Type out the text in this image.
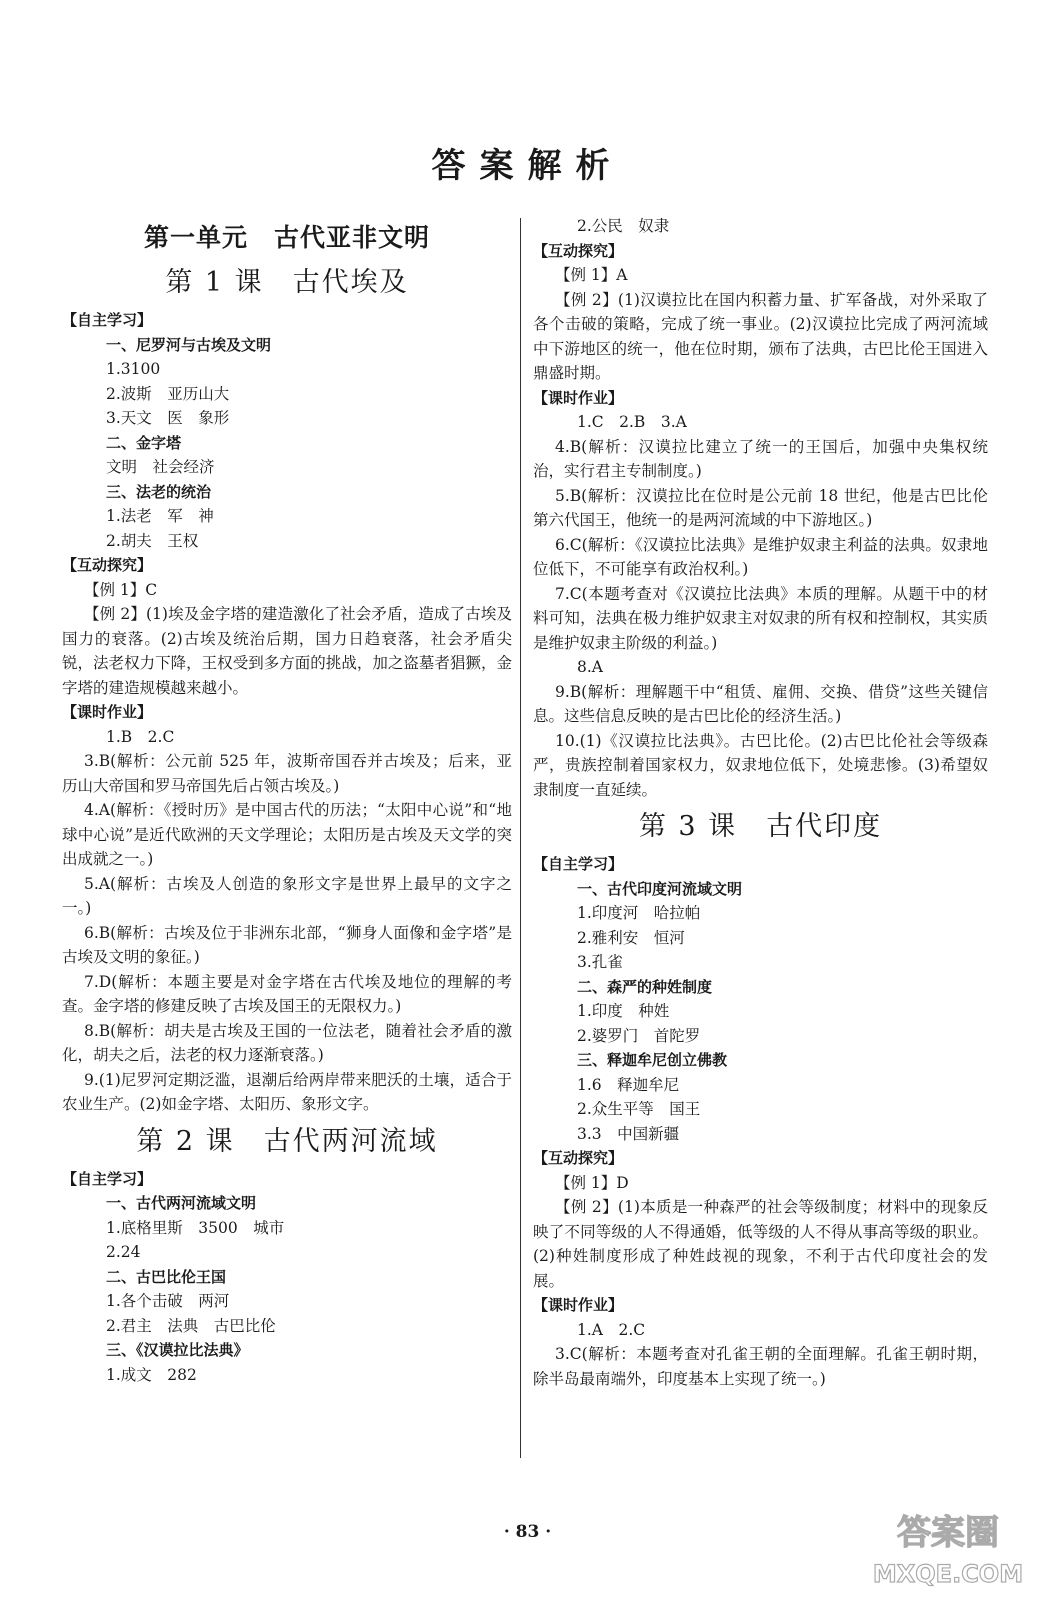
答案解析
第一单元　古代亚非文明
第 1 课　古代埃及
【自主学习】
一、尼罗河与古埃及文明
1.3100
2.波斯　亚历山大
3.天文　医　象形
二、金字塔
文明　社会经济
三、法老的统治
1.法老　军　神
2.胡夫　王权
【互动探究】
【例 1】C
【例 2】(1)埃及金字塔的建造激化了社会矛盾，造成了古埃及国力的衰落。(2)古埃及统治后期，国力日趋衰落，社会矛盾尖锐，法老权力下降，王权受到多方面的挑战，加之盗墓者猖獗，金字塔的建造规模越来越小。
【课时作业】
1.B　2.C
3.B(解析：公元前 525 年，波斯帝国吞并古埃及；后来，亚历山大帝国和罗马帝国先后占领古埃及。)
4.A(解析：《授时历》是中国古代的历法；“太阳中心说”和“地球中心说”是近代欧洲的天文学理论；太阳历是古埃及天文学的突出成就之一。)
5.A(解析：古埃及人创造的象形文字是世界上最早的文字之一。)
6.B(解析：古埃及位于非洲东北部，“狮身人面像和金字塔”是古埃及文明的象征。)
7.D(解析：本题主要是对金字塔在古代埃及地位的理解的考查。金字塔的修建反映了古埃及国王的无限权力。)
8.B(解析：胡夫是古埃及王国的一位法老，随着社会矛盾的激化，胡夫之后，法老的权力逐渐衰落。)
9.(1)尼罗河定期泛滥，退潮后给两岸带来肥沃的土壤，适合于农业生产。(2)如金字塔、太阳历、象形文字。
第 2 课　古代两河流域
【自主学习】
一、古代两河流域文明
1.底格里斯　3500　城市
2.24
二、古巴比伦王国
1.各个击破　两河
2.君主　法典　古巴比伦
三、《汉谟拉比法典》
1.成文　282
2.公民　奴隶
【互动探究】
【例 1】A
【例 2】(1)汉谟拉比在国内积蓄力量、扩军备战，对外采取了各个击破的策略，完成了统一事业。(2)汉谟拉比完成了两河流域中下游地区的统一，他在位时期，颁布了法典，古巴比伦王国进入鼎盛时期。
【课时作业】
1.C　2.B　3.A
4.B(解析：汉谟拉比建立了统一的王国后，加强中央集权统治，实行君主专制制度。)
5.B(解析：汉谟拉比在位时是公元前 18 世纪，他是古巴比伦第六代国王，他统一的是两河流域的中下游地区。)
6.C(解析：《汉谟拉比法典》是维护奴隶主利益的法典。奴隶地位低下，不可能享有政治权利。)
7.C(本题考查对《汉谟拉比法典》本质的理解。从题干中的材料可知，法典在极力维护奴隶主对奴隶的所有权和控制权，其实质是维护奴隶主阶级的利益。)
8.A
9.B(解析：理解题干中“租赁、雇佣、交换、借贷”这些关键信息。这些信息反映的是古巴比伦的经济生活。)
10.(1)《汉谟拉比法典》。古巴比伦。(2)古巴比伦社会等级森严，贵族控制着国家权力，奴隶地位低下，处境悲惨。(3)希望奴隶制度一直延续。
第 3 课　古代印度
【自主学习】
一、古代印度河流域文明
1.印度河　哈拉帕
2.雅利安　恒河
3.孔雀
二、森严的种姓制度
1.印度　种姓
2.婆罗门　首陀罗
三、释迦牟尼创立佛教
1.6　释迦牟尼
2.众生平等　国王
3.3　中国新疆
【互动探究】
【例 1】D
【例 2】(1)本质是一种森严的社会等级制度；材料中的现象反映了不同等级的人不得通婚，低等级的人不得从事高等级的职业。(2)种姓制度形成了种姓歧视的现象，不利于古代印度社会的发展。
【课时作业】
1.A　2.C
3.C(解析：本题考查对孔雀王朝的全面理解。孔雀王朝时期，除半岛最南端外，印度基本上实现了统一。)
· 83 ·	答案圈
MXQE.COM
